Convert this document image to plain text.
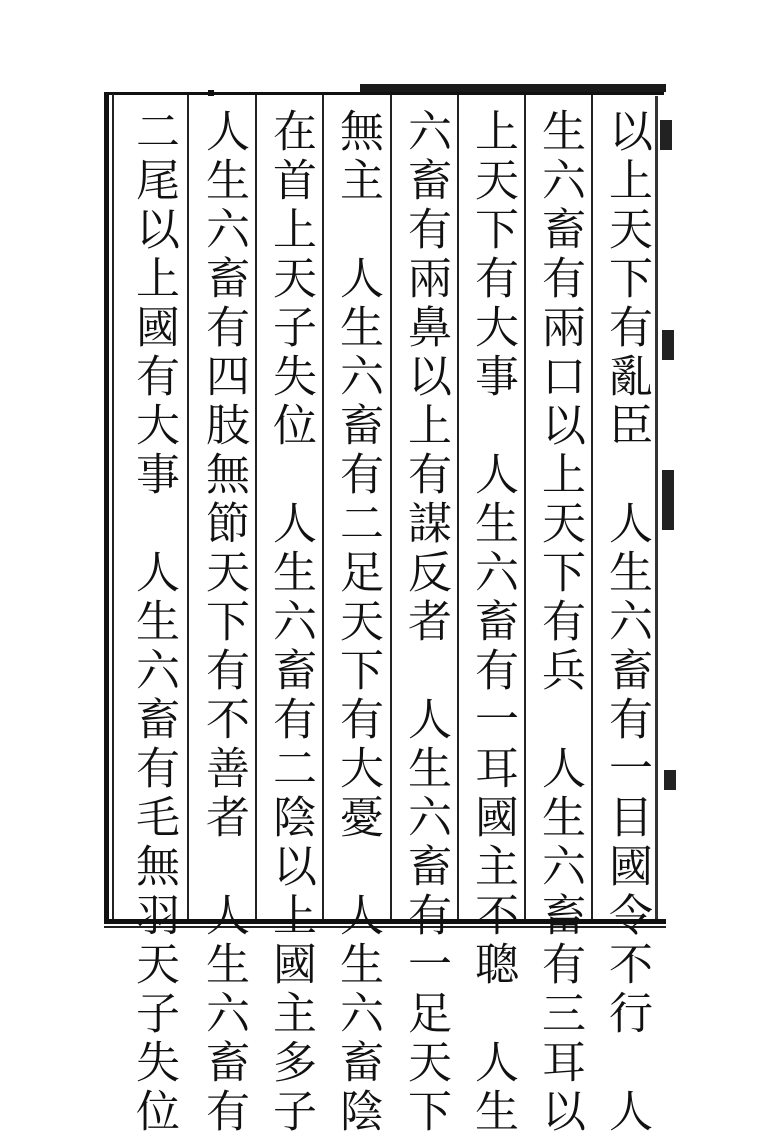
以上天下有亂臣　人生六畜有一目國令不行　人
生六畜有兩口以上天下有兵　人生六畜有三耳以
上天下有大事　人生六畜有一耳國主不聰　人生
六畜有兩鼻以上有謀反者　人生六畜有一足天下
無主　人生六畜有二足天下有大憂　人生六畜陰
在首上天子失位　人生六畜有二陰以上國主多子
人生六畜有四肢無節天下有不善者　人生六畜有
二尾以上國有大事　人生六畜有毛無羽天子失位
